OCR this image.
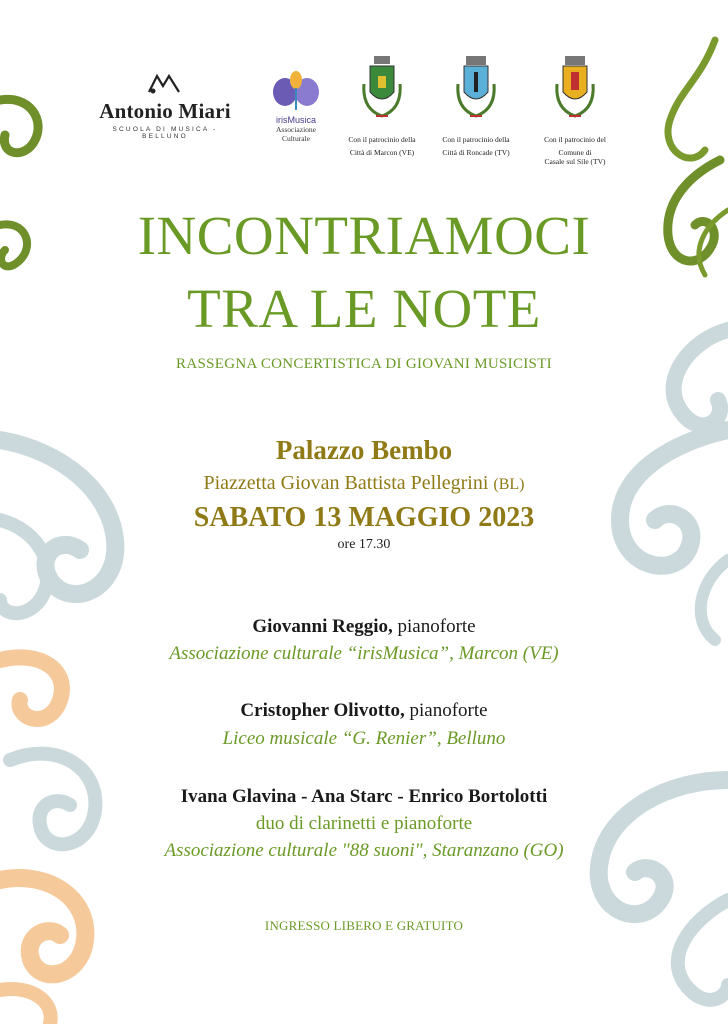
Antonio Miari
SCUOLA DI MUSICA - BELLUNO
irisMusica
Associazione
Culturale	Con il patrocinio della
Città di Marcon (VE)
Con il patrocinio della
Città di Roncade (TV)
Con il patrocinio del
Comune di
Casale sul Sile (TV)
INCONTRIAMOCI
TRA LE NOTE
RASSEGNA CONCERTISTICA DI GIOVANI MUSICISTI
Palazzo Bembo
Piazzetta Giovan Battista Pellegrini (BL)
SABATO 13 MAGGIO 2023
ore 17.30
Giovanni Reggio, pianoforte
Associazione culturale “irisMusica”, Marcon (VE)
Cristopher Olivotto, pianoforte
Liceo musicale “G. Renier”, Belluno
Ivana Glavina - Ana Starc - Enrico Bortolotti
duo di clarinetti e pianoforte
Associazione culturale "88 suoni", Staranzano (GO)
INGRESSO LIBERO E GRATUITO
